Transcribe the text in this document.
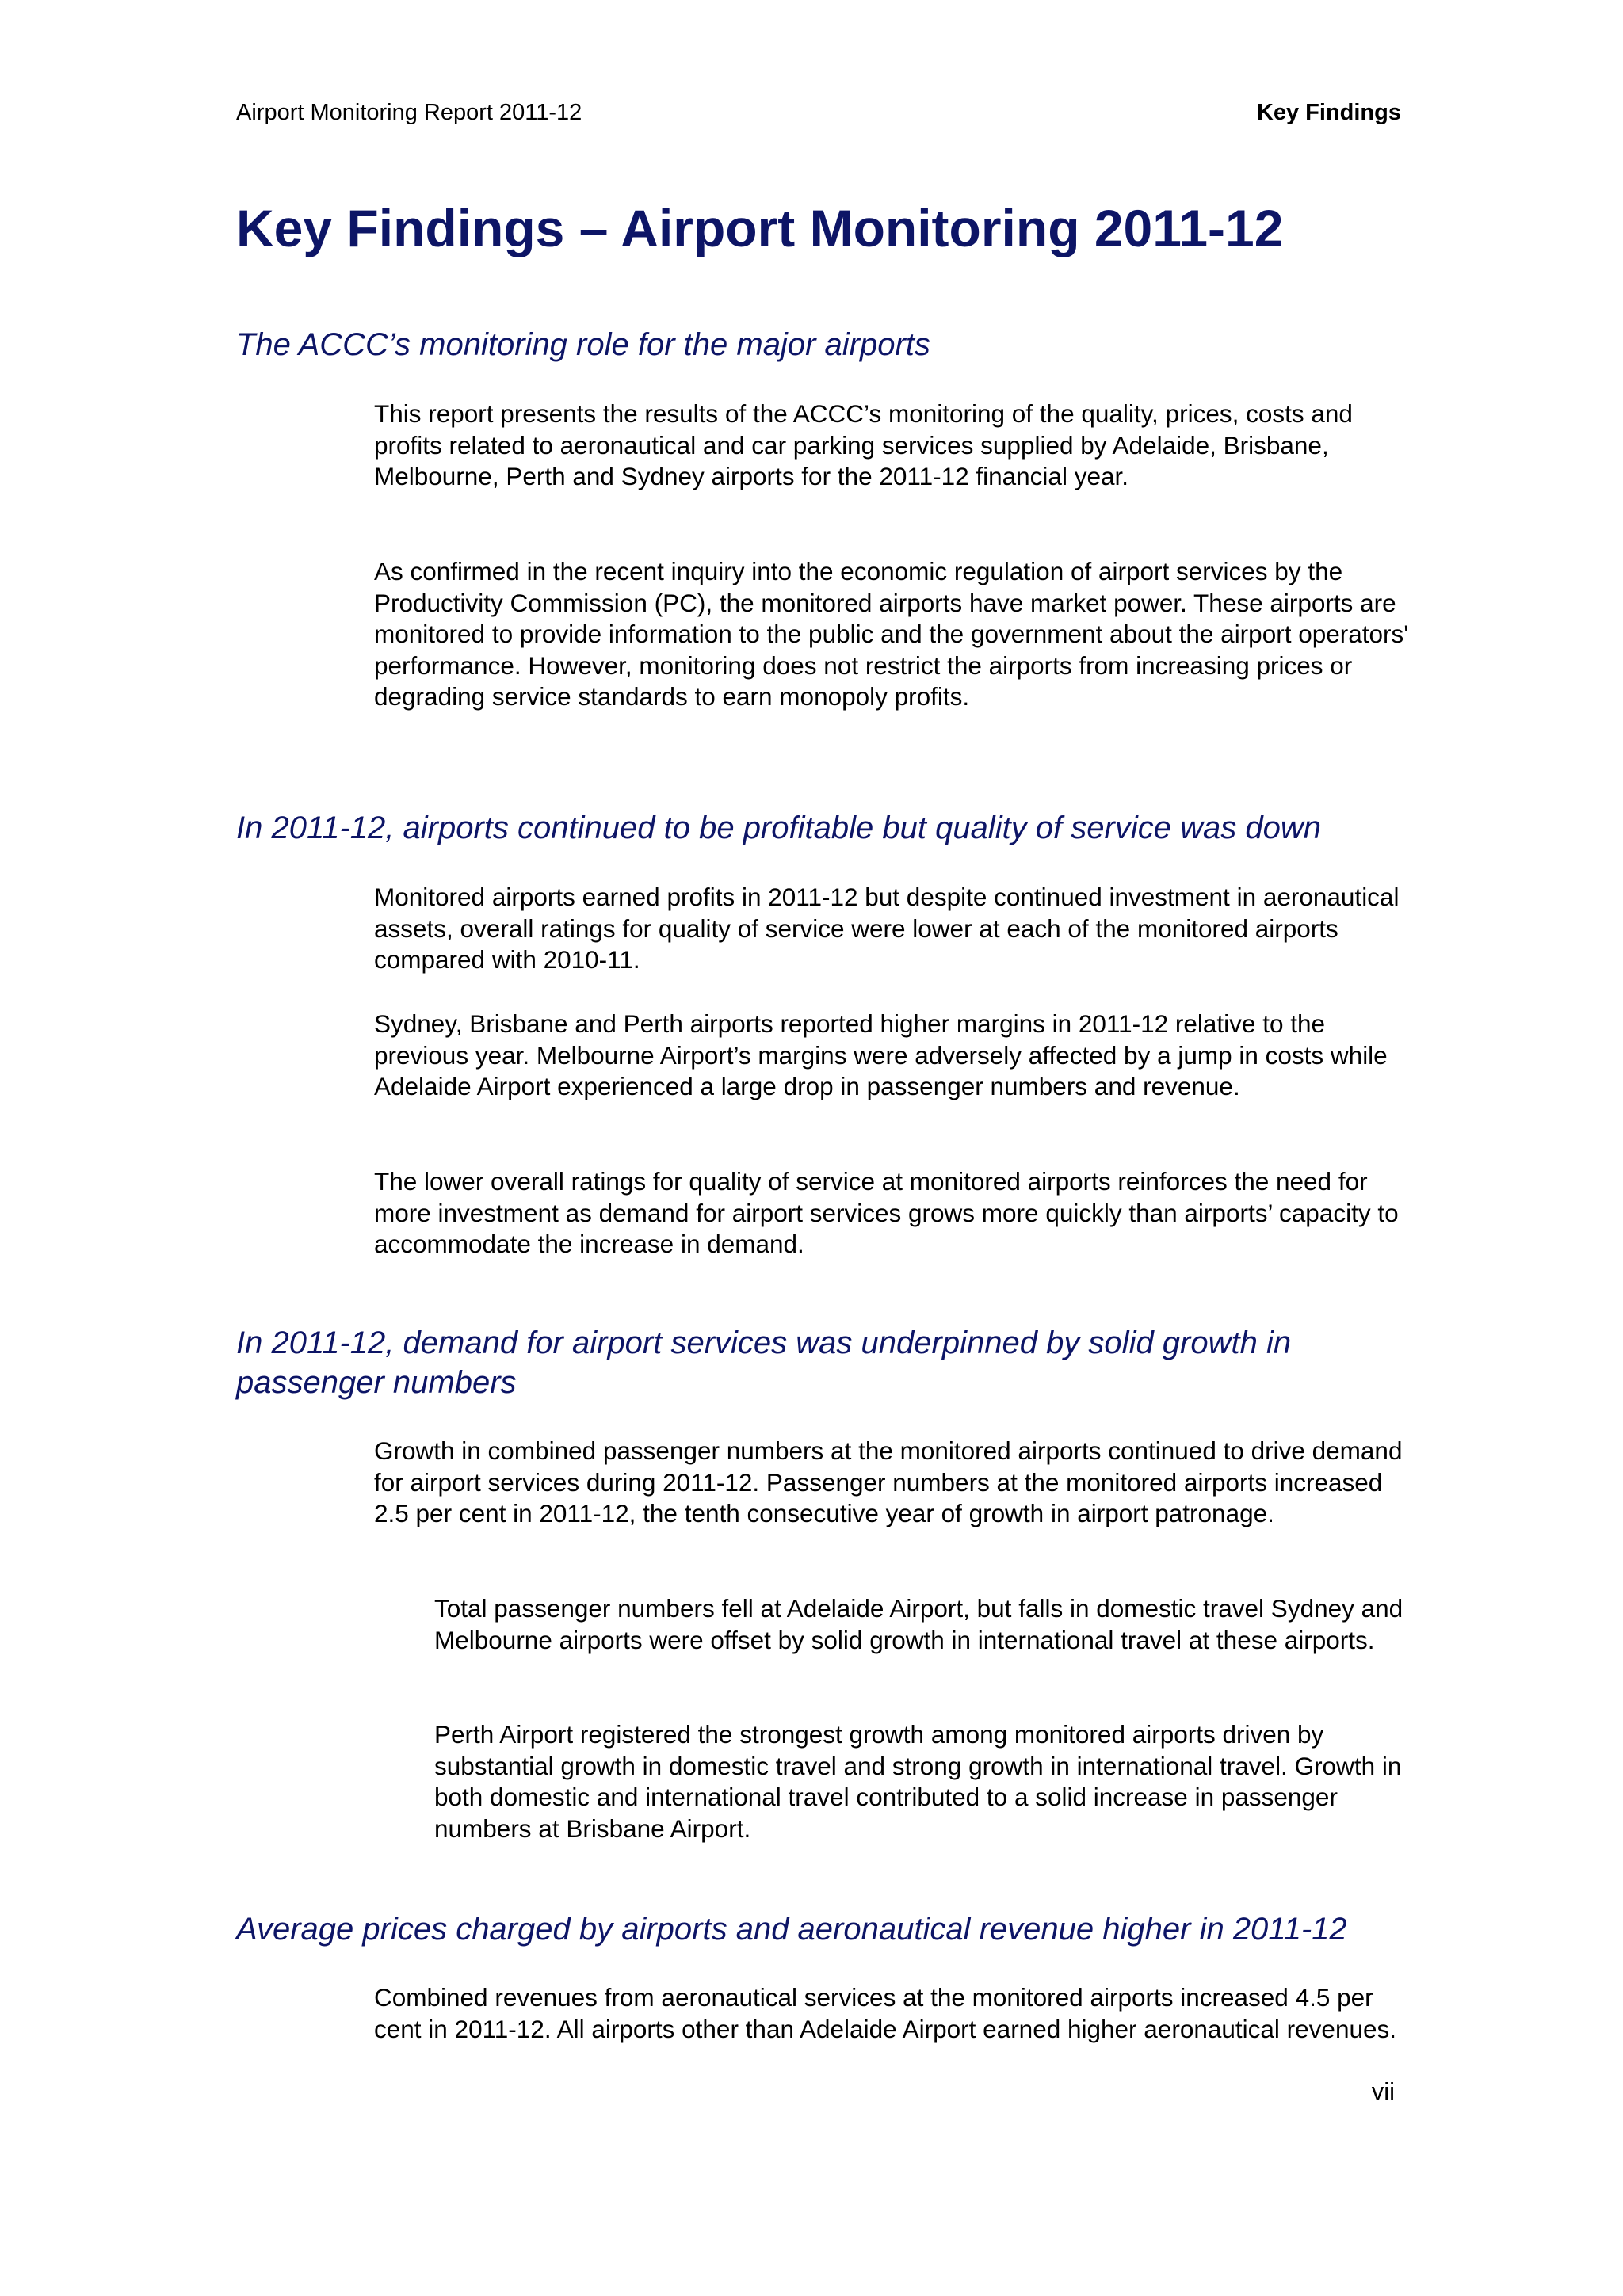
Airport Monitoring Report 2011-12	Key Findings
Key Findings – Airport Monitoring 2011-12
The ACCC’s monitoring role for the major airports

This report presents the results of the ACCC’s monitoring of the quality, prices, costs and profits related to aeronautical and car parking services supplied by Adelaide, Brisbane, Melbourne, Perth and Sydney airports for the 2011-12 financial year.

As confirmed in the recent inquiry into the economic regulation of airport services by the Productivity Commission (PC), the monitored airports have market power. These airports are monitored to provide information to the public and the government about the airport operators' performance. However, monitoring does not restrict the airports from increasing prices or degrading service standards to earn monopoly profits.

In 2011-12, airports continued to be profitable but quality of service was down

Monitored airports earned profits in 2011-12 but despite continued investment in aeronautical assets, overall ratings for quality of service were lower at each of the monitored airports compared with 2010-11.

Sydney, Brisbane and Perth airports reported higher margins in 2011-12 relative to the previous year. Melbourne Airport’s margins were adversely affected by a jump in costs while Adelaide Airport experienced a large drop in passenger numbers and revenue.

The lower overall ratings for quality of service at monitored airports reinforces the need for more investment as demand for airport services grows more quickly than airports’ capacity to accommodate the increase in demand.

In 2011-12, demand for airport services was underpinned by solid growth in passenger numbers

Growth in combined passenger numbers at the monitored airports continued to drive demand for airport services during 2011-12. Passenger numbers at the monitored airports increased 2.5 per cent in 2011-12, the tenth consecutive year of growth in airport patronage.

Total passenger numbers fell at Adelaide Airport, but falls in domestic travel Sydney and Melbourne airports were offset by solid growth in international travel at these airports.

Perth Airport registered the strongest growth among monitored airports driven by substantial growth in domestic travel and strong growth in international travel. Growth in both domestic and international travel contributed to a solid increase in passenger numbers at Brisbane Airport.

Average prices charged by airports and aeronautical revenue higher in 2011-12

Combined revenues from aeronautical services at the monitored airports increased 4.5 per cent in 2011-12. All airports other than Adelaide Airport earned higher aeronautical revenues.

vii
